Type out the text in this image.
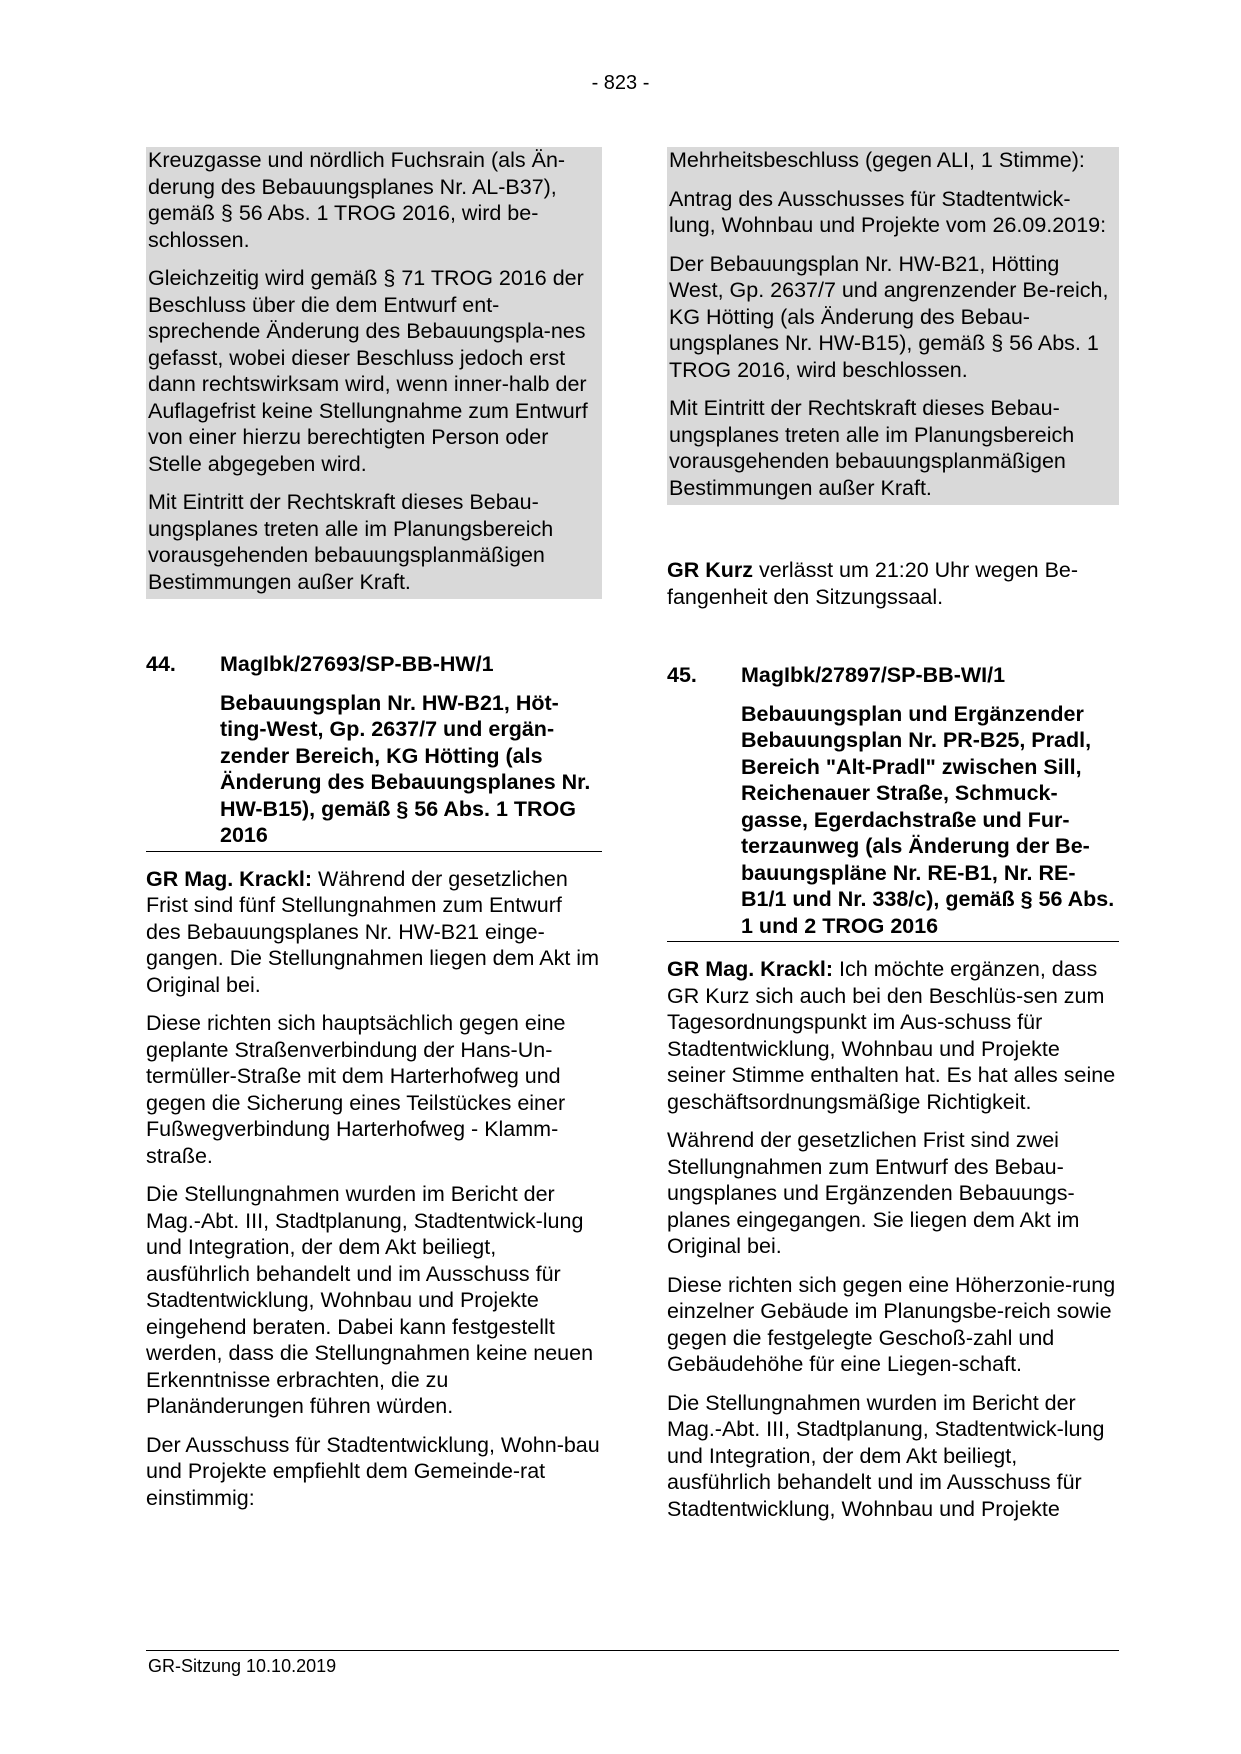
- 823 -

Kreuzgasse und nördlich Fuchsrain (als Än-derung des Bebauungsplanes Nr. AL-B37), gemäß § 56 Abs. 1 TROG 2016, wird be-schlossen.

Gleichzeitig wird gemäß § 71 TROG 2016 der Beschluss über die dem Entwurf ent-sprechende Änderung des Bebauungspla-nes gefasst, wobei dieser Beschluss jedoch erst dann rechtswirksam wird, wenn inner-halb der Auflagefrist keine Stellungnahme zum Entwurf von einer hierzu berechtigten Person oder Stelle abgegeben wird.

Mit Eintritt der Rechtskraft dieses Bebau-ungsplanes treten alle im Planungsbereich vorausgehenden bebauungsplanmäßigen Bestimmungen außer Kraft.

44.	MagIbk/27693/SP-BB-HW/1

Bebauungsplan Nr. HW-B21, Höt-ting-West, Gp. 2637/7 und ergän-zender Bereich, KG Hötting (als Änderung des Bebauungsplanes Nr. HW-B15), gemäß § 56 Abs. 1 TROG 2016

GR Mag. Krackl: Während der gesetzlichen Frist sind fünf Stellungnahmen zum Entwurf des Bebauungsplanes Nr. HW-B21 einge-gangen. Die Stellungnahmen liegen dem Akt im Original bei.

Diese richten sich hauptsächlich gegen eine geplante Straßenverbindung der Hans-Un-termüller-Straße mit dem Harterhofweg und gegen die Sicherung eines Teilstückes einer Fußwegverbindung Harterhofweg - Klamm-straße.

Die Stellungnahmen wurden im Bericht der Mag.-Abt. III, Stadtplanung, Stadtentwick-lung und Integration, der dem Akt beiliegt, ausführlich behandelt und im Ausschuss für Stadtentwicklung, Wohnbau und Projekte eingehend beraten. Dabei kann festgestellt werden, dass die Stellungnahmen keine neuen Erkenntnisse erbrachten, die zu Planänderungen führen würden.

Der Ausschuss für Stadtentwicklung, Wohn-bau und Projekte empfiehlt dem Gemeinde-rat einstimmig:

Mehrheitsbeschluss (gegen ALI, 1 Stimme):

Antrag des Ausschusses für Stadtentwick-lung, Wohnbau und Projekte vom 26.09.2019:

Der Bebauungsplan Nr. HW-B21, Hötting West, Gp. 2637/7 und angrenzender Be-reich, KG Hötting (als Änderung des Bebau-ungsplanes Nr. HW-B15), gemäß § 56 Abs. 1 TROG 2016, wird beschlossen.

Mit Eintritt der Rechtskraft dieses Bebau-ungsplanes treten alle im Planungsbereich vorausgehenden bebauungsplanmäßigen Bestimmungen außer Kraft.

GR Kurz verlässt um 21:20 Uhr wegen Be-fangenheit den Sitzungssaal.

45.	MagIbk/27897/SP-BB-WI/1

Bebauungsplan und Ergänzender Bebauungsplan Nr. PR-B25, Pradl, Bereich "Alt-Pradl" zwischen Sill, Reichenauer Straße, Schmuck-gasse, Egerdachstraße und Fur-terzaunweg (als Änderung der Be-bauungspläne Nr. RE-B1, Nr. RE-B1/1 und Nr. 338/c), gemäß § 56 Abs. 1 und 2 TROG 2016

GR Mag. Krackl: Ich möchte ergänzen, dass GR Kurz sich auch bei den Beschlüs-sen zum Tagesordnungspunkt im Aus-schuss für Stadtentwicklung, Wohnbau und Projekte seiner Stimme enthalten hat. Es hat alles seine geschäftsordnungsmäßige Richtigkeit.

Während der gesetzlichen Frist sind zwei Stellungnahmen zum Entwurf des Bebau-ungsplanes und Ergänzenden Bebauungs-planes eingegangen. Sie liegen dem Akt im Original bei.

Diese richten sich gegen eine Höherzonie-rung einzelner Gebäude im Planungsbe-reich sowie gegen die festgelegte Geschoß-zahl und Gebäudehöhe für eine Liegen-schaft.

Die Stellungnahmen wurden im Bericht der Mag.-Abt. III, Stadtplanung, Stadtentwick-lung und Integration, der dem Akt beiliegt, ausführlich behandelt und im Ausschuss für Stadtentwicklung, Wohnbau und Projekte

GR-Sitzung 10.10.2019
